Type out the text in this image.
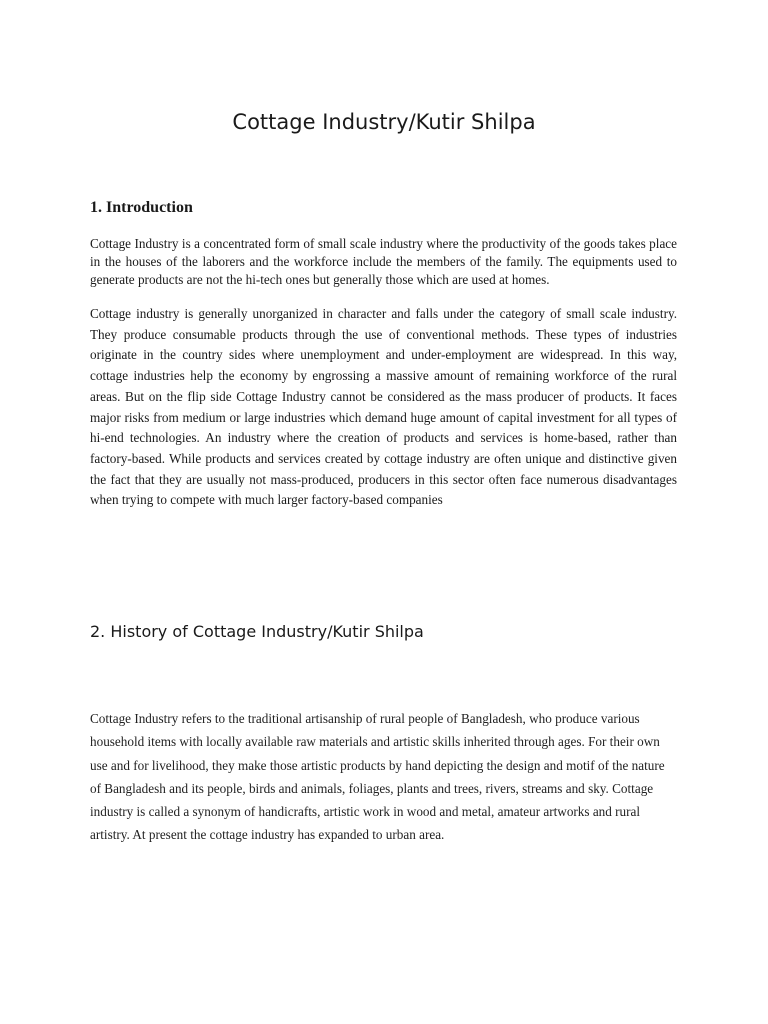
Cottage Industry/Kutir Shilpa
1. Introduction

Cottage Industry is a concentrated form of small scale industry where the productivity of the goods takes place in the houses of the laborers and the workforce include the members of the family. The equipments used to generate products are not the hi-tech ones but generally those which are used at homes.

Cottage industry is generally unorganized in character and falls under the category of small scale industry. They produce consumable products through the use of conventional methods. These types of industries originate in the country sides where unemployment and under-employment are widespread. In this way, cottage industries help the economy by engrossing a massive amount of remaining workforce of the rural areas. But on the flip side Cottage Industry cannot be considered as the mass producer of products. It faces major risks from medium or large industries which demand huge amount of capital investment for all types of hi-end technologies. An industry where the creation of products and services is home-based, rather than factory-based. While products and services created by cottage industry are often unique and distinctive given the fact that they are usually not mass-produced, producers in this sector often face numerous disadvantages when trying to compete with much larger factory-based companies

2. History of Cottage Industry/Kutir Shilpa

Cottage Industry refers to the traditional artisanship of rural people of Bangladesh, who produce various household items with locally available raw materials and artistic skills inherited through ages. For their own use and for livelihood, they make those artistic products by hand depicting the design and motif of the nature of Bangladesh and its people, birds and animals, foliages, plants and trees, rivers, streams and sky. Cottage industry is called a synonym of handicrafts, artistic work in wood and metal, amateur artworks and rural artistry. At present the cottage industry has expanded to urban area.
